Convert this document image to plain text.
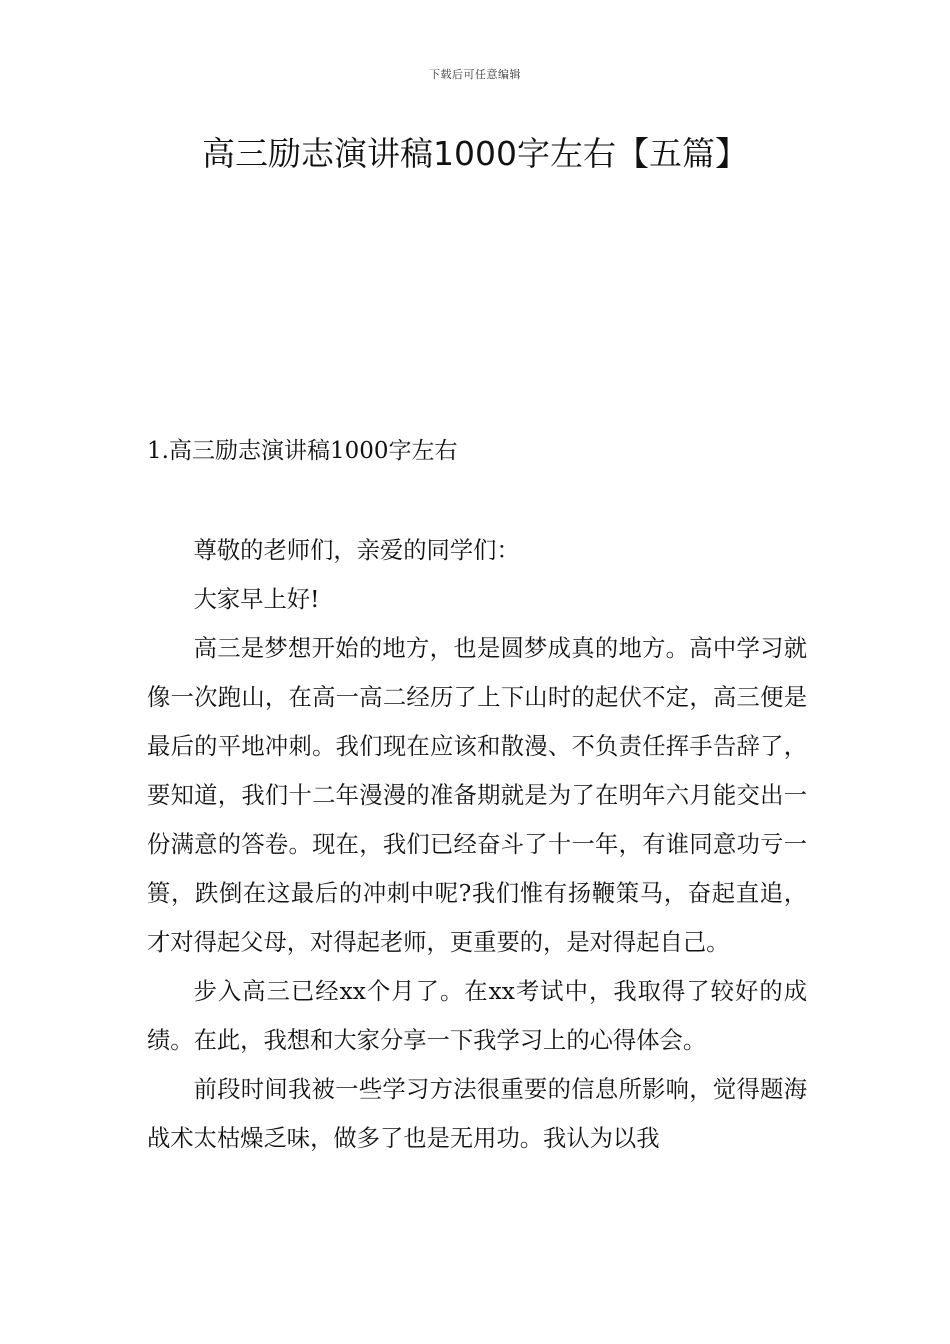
下载后可任意编辑
高三励志演讲稿1000字左右【五篇】
1.高三励志演讲稿1000字左右

尊敬的老师们，亲爱的同学们：

大家早上好!

高三是梦想开始的地方，也是圆梦成真的地方。高中学习就像一次跑山，在高一高二经历了上下山时的起伏不定，高三便是最后的平地冲刺。我们现在应该和散漫、不负责任挥手告辞了，要知道，我们十二年漫漫的准备期就是为了在明年六月能交出一份满意的答卷。现在，我们已经奋斗了十一年，有谁同意功亏一篑，跌倒在这最后的冲刺中呢?我们惟有扬鞭策马，奋起直追，才对得起父母，对得起老师，更重要的，是对得起自己。

步入高三已经xx个月了。在xx考试中，我取得了较好的成绩。在此，我想和大家分享一下我学习上的心得体会。

前段时间我被一些学习方法很重要的信息所影响，觉得题海战术太枯燥乏味，做多了也是无用功。我认为以我
